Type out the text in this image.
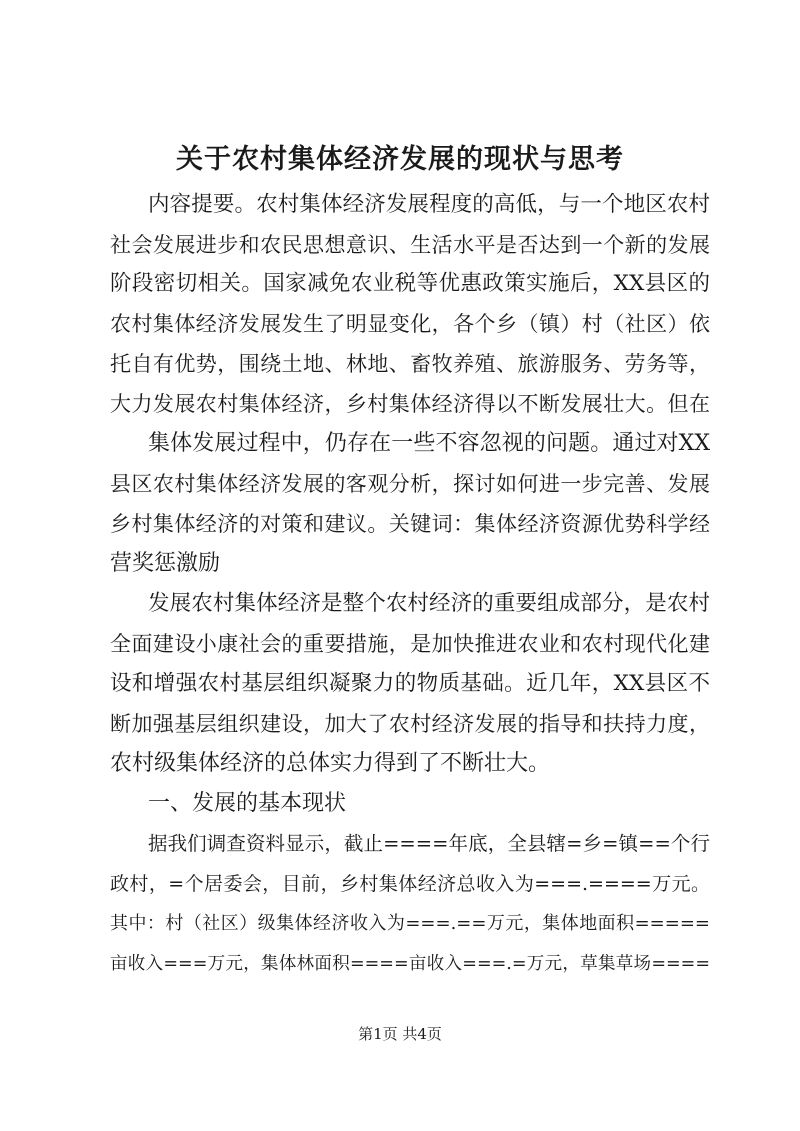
关于农村集体经济发展的现状与思考
内容提要。农村集体经济发展程度的高低，与一个地区农村
社会发展进步和农民思想意识、生活水平是否达到一个新的发展
阶段密切相关。国家减免农业税等优惠政策实施后，XX县区的
农村集体经济发展发生了明显变化，各个乡（镇）村（社区）依
托自有优势，围绕土地、林地、畜牧养殖、旅游服务、劳务等，
大力发展农村集体经济，乡村集体经济得以不断发展壮大。但在
集体发展过程中，仍存在一些不容忽视的问题。通过对XX
县区农村集体经济发展的客观分析，探讨如何进一步完善、发展
乡村集体经济的对策和建议。关键词：集体经济资源优势科学经
营奖惩激励
发展农村集体经济是整个农村经济的重要组成部分，是农村
全面建设小康社会的重要措施，是加快推进农业和农村现代化建
设和增强农村基层组织凝聚力的物质基础。近几年，XX县区不
断加强基层组织建设，加大了农村经济发展的指导和扶持力度，
农村级集体经济的总体实力得到了不断壮大。
一、发展的基本现状
据我们调查资料显示，截止====年底，全县辖=乡=镇==个行
政村，=个居委会，目前，乡村集体经济总收入为===.====万元。
其中：村（社区）级集体经济收入为===.==万元，集体地面积=====
亩收入===万元，集体林面积====亩收入===.=万元，草集草场====
第1页 共4页
